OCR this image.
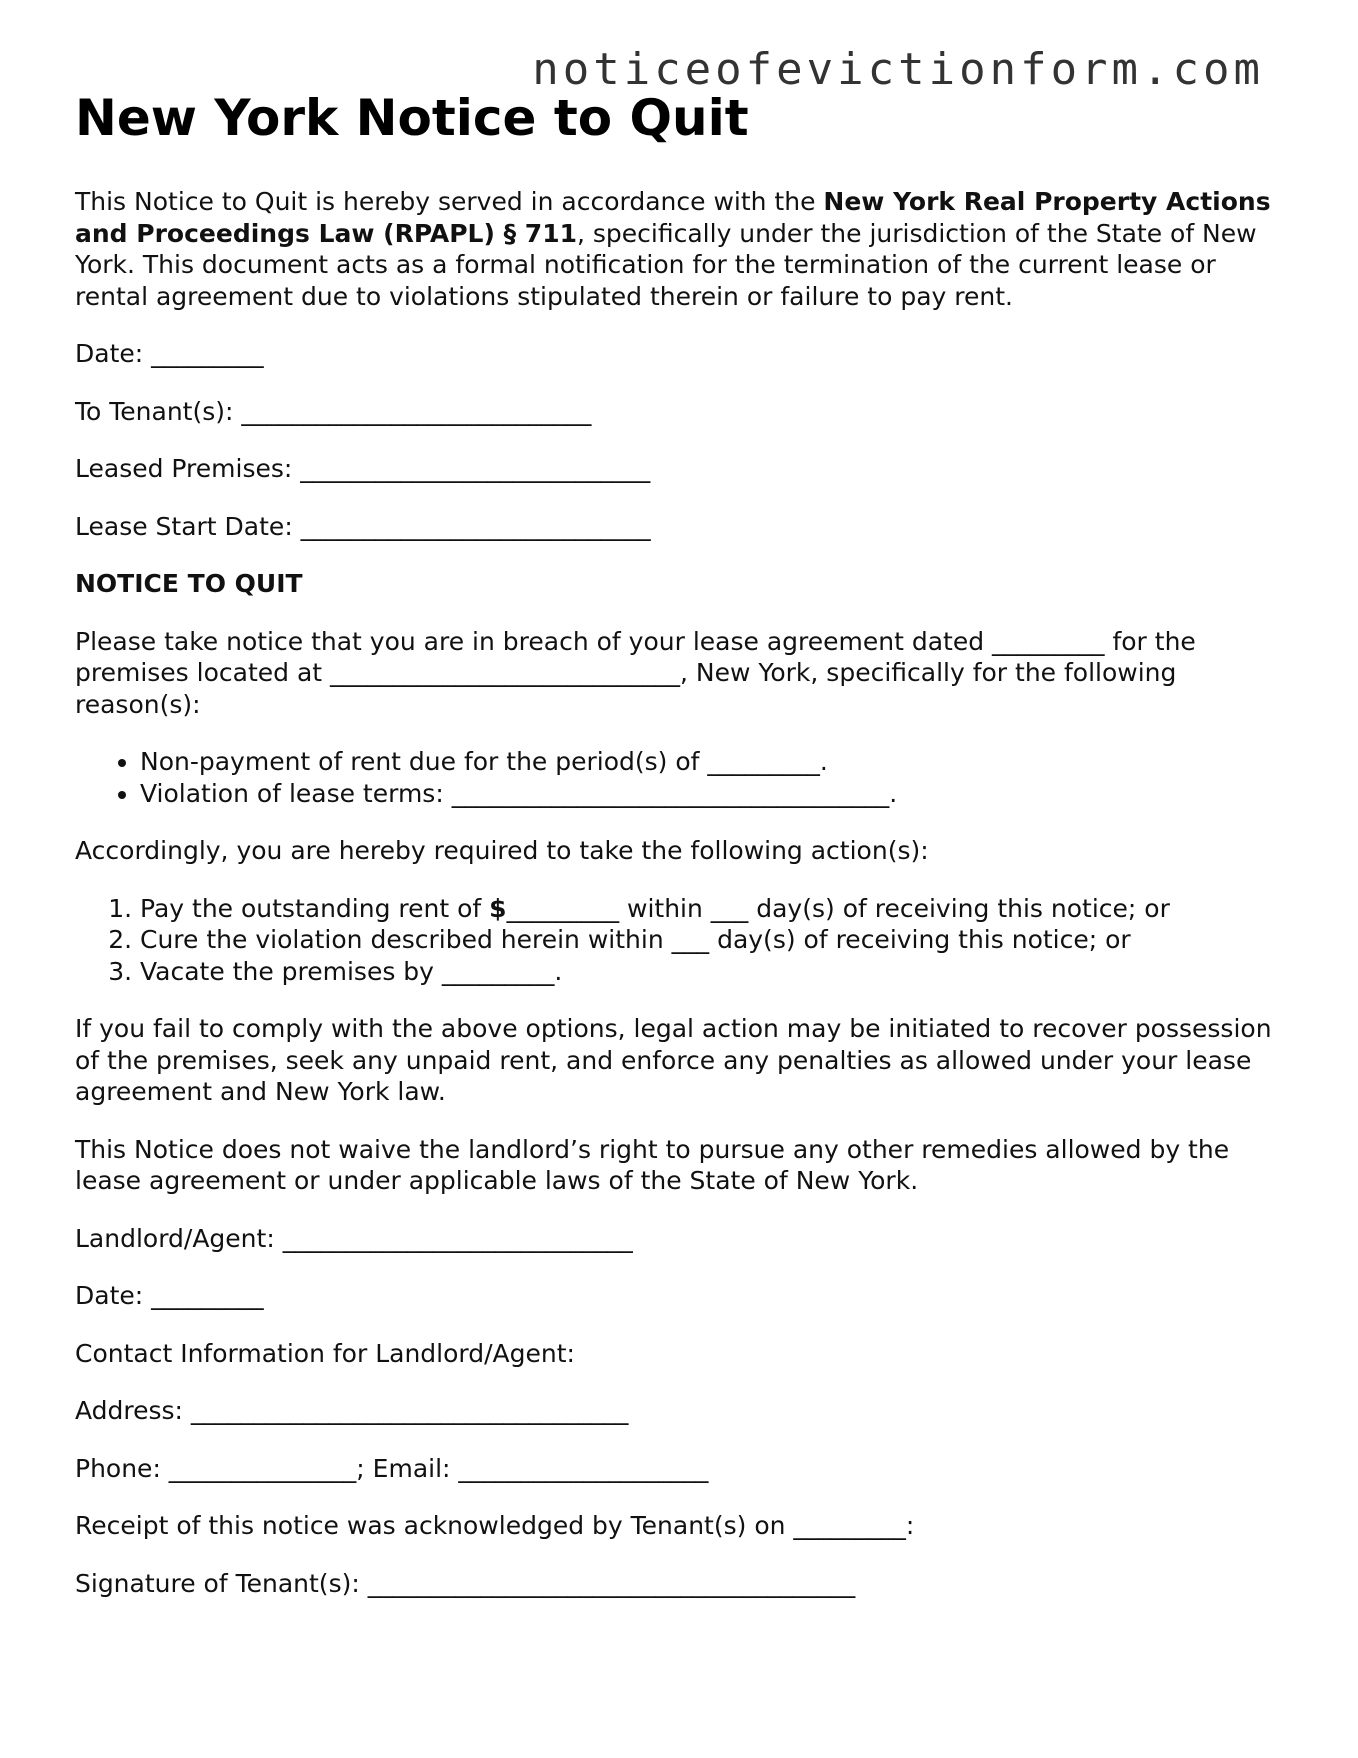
noticeofevictionform.com
New York Notice to Quit

This Notice to Quit is hereby served in accordance with the New York Real Property Actions and Proceedings Law (RPAPL) § 711, specifically under the jurisdiction of the State of New York. This document acts as a formal notification for the termination of the current lease or rental agreement due to violations stipulated therein or failure to pay rent.

Date: _________

To Tenant(s): ____________________________

Leased Premises: ____________________________

Lease Start Date: ____________________________

NOTICE TO QUIT

Please take notice that you are in breach of your lease agreement dated _________ for the premises located at ____________________________, New York, specifically for the following reason(s):

• Non-payment of rent due for the period(s) of _________.
• Violation of lease terms: ___________________________________.

Accordingly, you are hereby required to take the following action(s):

1. Pay the outstanding rent of $_________ within ___ day(s) of receiving this notice; or
2. Cure the violation described herein within ___ day(s) of receiving this notice; or
3. Vacate the premises by _________.

If you fail to comply with the above options, legal action may be initiated to recover possession of the premises, seek any unpaid rent, and enforce any penalties as allowed under your lease agreement and New York law.

This Notice does not waive the landlord’s right to pursue any other remedies allowed by the lease agreement or under applicable laws of the State of New York.

Landlord/Agent: ____________________________

Date: _________

Contact Information for Landlord/Agent:

Address: ___________________________________

Phone: _______________; Email: ____________________

Receipt of this notice was acknowledged by Tenant(s) on _________:

Signature of Tenant(s): _______________________________________
